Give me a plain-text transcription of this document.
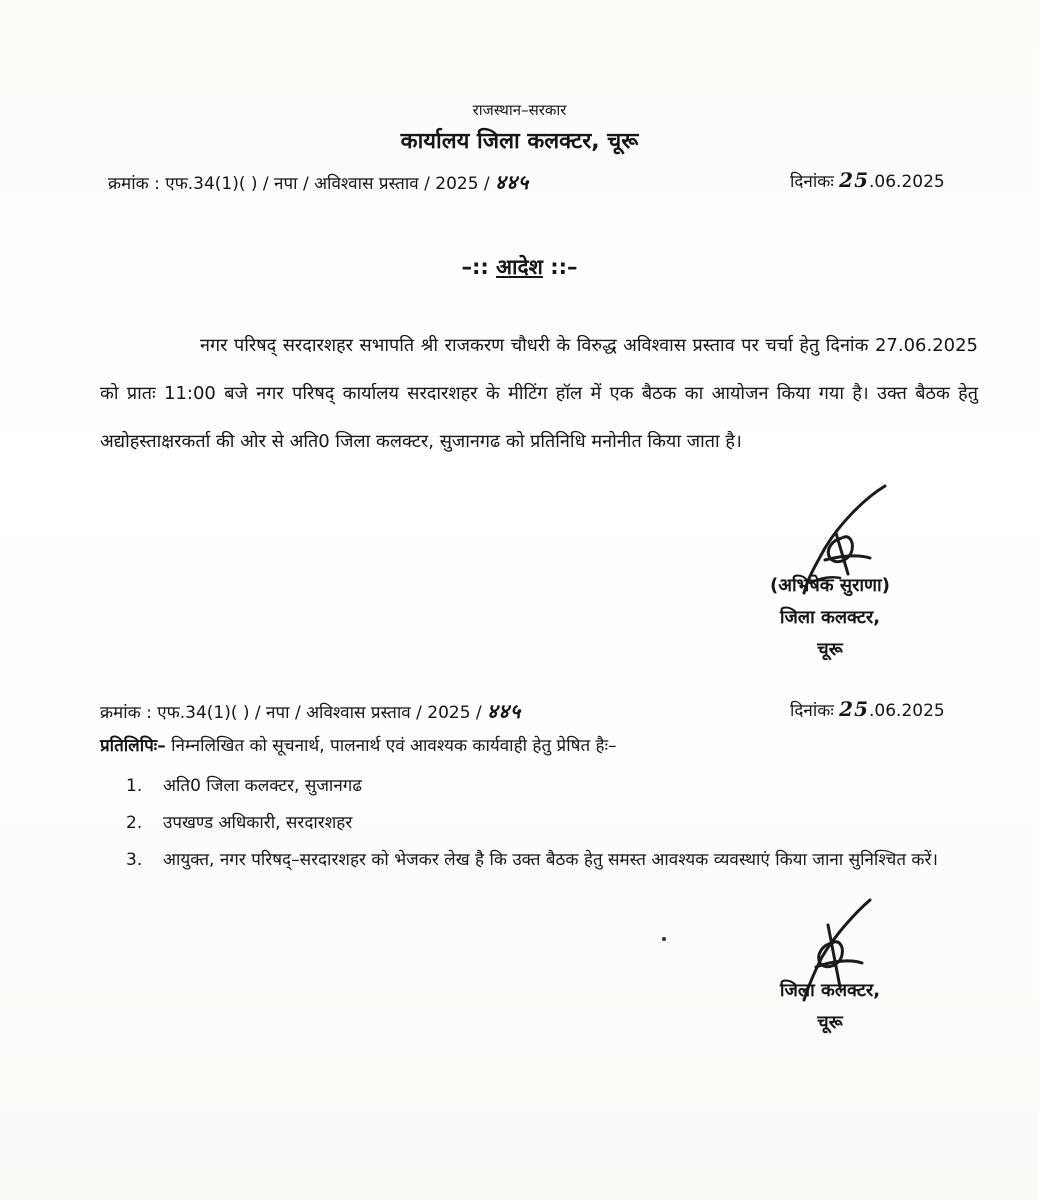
राजस्थान–सरकार
कार्यालय जिला कलक्टर, चूरू
क्रमांक : एफ.34(1)( ) / नपा / अविश्वास प्रस्ताव / 2025 / ४४५	दिनांकः 25.06.2025
–:: आदेश ::–
नगर परिषद् सरदारशहर सभापति श्री राजकरण चौधरी के विरुद्ध अविश्वास प्रस्ताव पर चर्चा हेतु दिनांक 27.06.2025 को प्रातः 11:00 बजे नगर परिषद् कार्यालय सरदारशहर के मीटिंग हॉल में एक बैठक का आयोजन किया गया है। उक्त बैठक हेतु अद्योहस्ताक्षरकर्ता की ओर से अति0 जिला कलक्टर, सुजानगढ को प्रतिनिधि मनोनीत किया जाता है।
(अभिषेक सुराणा)
जिला कलक्टर,
चूरू
क्रमांक : एफ.34(1)( ) / नपा / अविश्वास प्रस्ताव / 2025 / ४४५	दिनांकः 25.06.2025
प्रतिलिपिः– निम्नलिखित को सूचनार्थ, पालनार्थ एवं आवश्यक कार्यवाही हेतु प्रेषित हैः–
1. अति0 जिला कलक्टर, सुजानगढ
2. उपखण्ड अधिकारी, सरदारशहर
3. आयुक्त, नगर परिषद्–सरदारशहर को भेजकर लेख है कि उक्त बैठक हेतु समस्त आवश्यक व्यवस्थाएं किया जाना सुनिश्चित करें।
जिला कलक्टर,
चूरू
